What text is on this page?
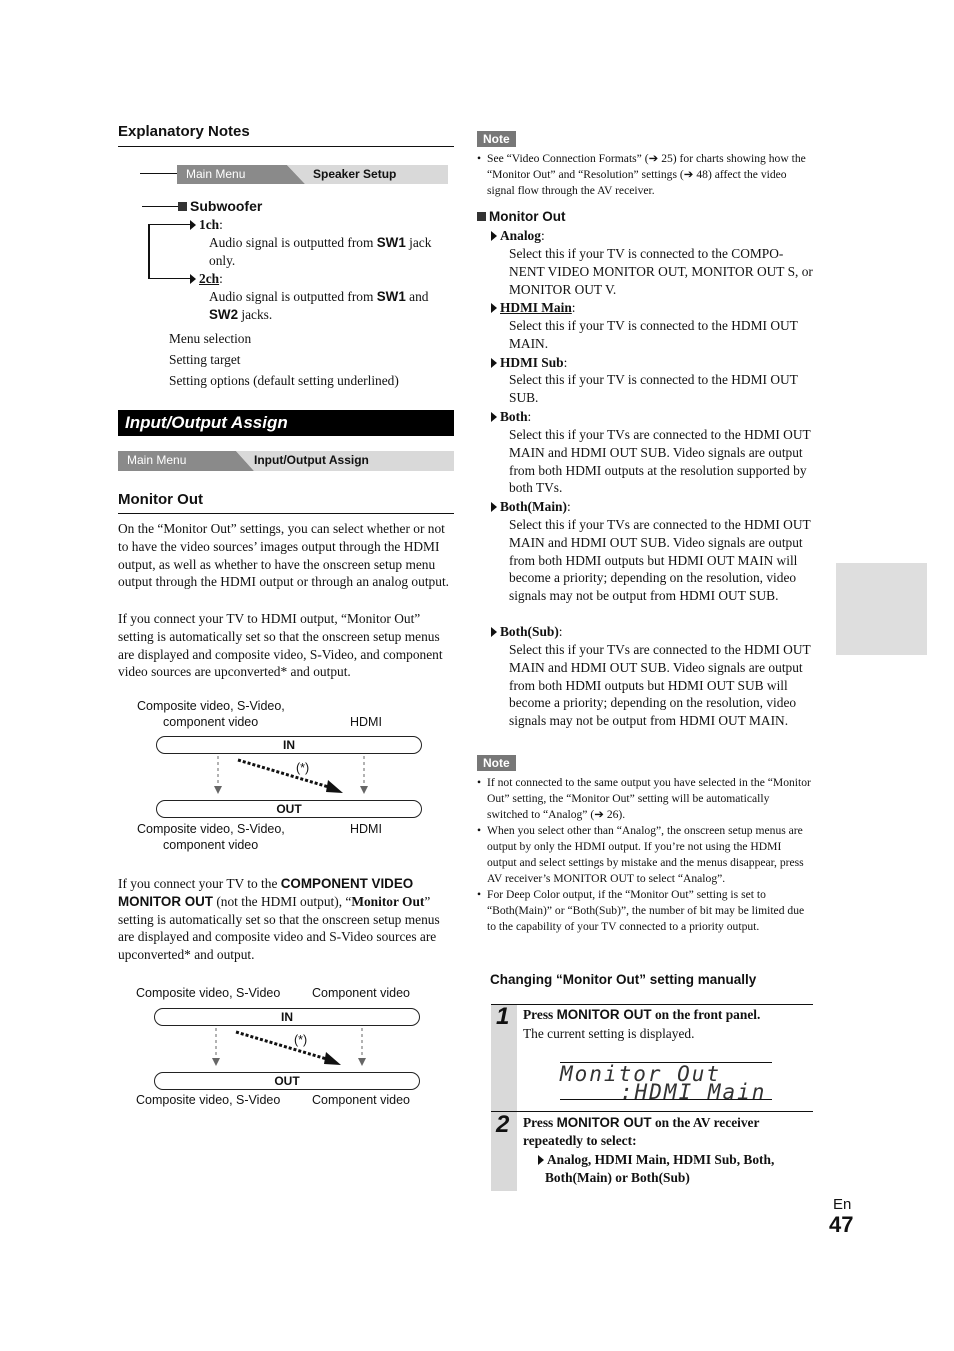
Explanatory Notes
Main Menu	Speaker Setup
Subwoofer
1ch:
Audio signal is outputted from SW1 jack only.
2ch:
Audio signal is outputted from SW1 and SW2 jacks.
Menu selection
Setting target
Setting options (default setting underlined)
Input/Output Assign
Main Menu	Input/Output Assign
Monitor Out
On the “Monitor Out” settings, you can select whether or not to have the video sources’ images output through the HDMI output, as well as whether to have the onscreen setup menu output through the HDMI output or through an analog output.
If you connect your TV to HDMI output, “Monitor Out” setting is automatically set so that the onscreen setup menus are displayed and composite video, S-Video, and component video sources are upconverted* and output.
Composite video, S-Video,
component video	HDMI
IN
(*)
OUT
Composite video, S-Video,
component video
HDMI
If you connect your TV to the COMPONENT VIDEO MONITOR OUT (not the HDMI output), “Monitor Out” setting is automatically set so that the onscreen setup menus are displayed and composite video and S-Video sources are upconverted* and output.
Composite video, S-Video	Component video
IN
(*)
OUT
Composite video, S-Video	Component video
Note
• See “Video Connection Formats” (➔ 25) for charts showing how the “Monitor Out” and “Resolution” settings (➔ 48) affect the video signal flow through the AV receiver.
Monitor Out
Analog:
Select this if your TV is connected to the COMPO-NENT VIDEO MONITOR OUT, MONITOR OUT S, or MONITOR OUT V.
HDMI Main:
Select this if your TV is connected to the HDMI OUT MAIN.
HDMI Sub:
Select this if your TV is connected to the HDMI OUT SUB.
Both:
Select this if your TVs are connected to the HDMI OUT MAIN and HDMI OUT SUB. Video signals are output from both HDMI outputs at the resolution supported by both TVs.
Both(Main):
Select this if your TVs are connected to the HDMI OUT MAIN and HDMI OUT SUB. Video signals are output from both HDMI outputs but HDMI OUT MAIN will become a priority; depending on the resolution, video signals may not be output from HDMI OUT SUB.
Both(Sub):
Select this if your TVs are connected to the HDMI OUT MAIN and HDMI OUT SUB. Video signals are output from both HDMI outputs but HDMI OUT SUB will become a priority; depending on the resolution, video signals may not be output from HDMI OUT MAIN.
Note
• If not connected to the same output you have selected in the “Monitor Out” setting, the “Monitor Out” setting will be automatically switched to “Analog” (➔ 26).
• When you select other than “Analog”, the onscreen setup menus are output by only the HDMI output. If you’re not using the HDMI output and select settings by mistake and the menus disappear, press AV receiver’s MONITOR OUT to select “Analog”.
• For Deep Color output, if the “Monitor Out” setting is set to “Both(Main)” or “Both(Sub)”, the number of bit may be limited due to the capability of your TV connected to a priority output.
Changing “Monitor Out” setting manually
1 Press MONITOR OUT on the front panel.
The current setting is displayed.
Monitor Out
:HDMI Main
2 Press MONITOR OUT on the AV receiver repeatedly to select:
Analog, HDMI Main, HDMI Sub, Both, Both(Main) or Both(Sub)
En
47
